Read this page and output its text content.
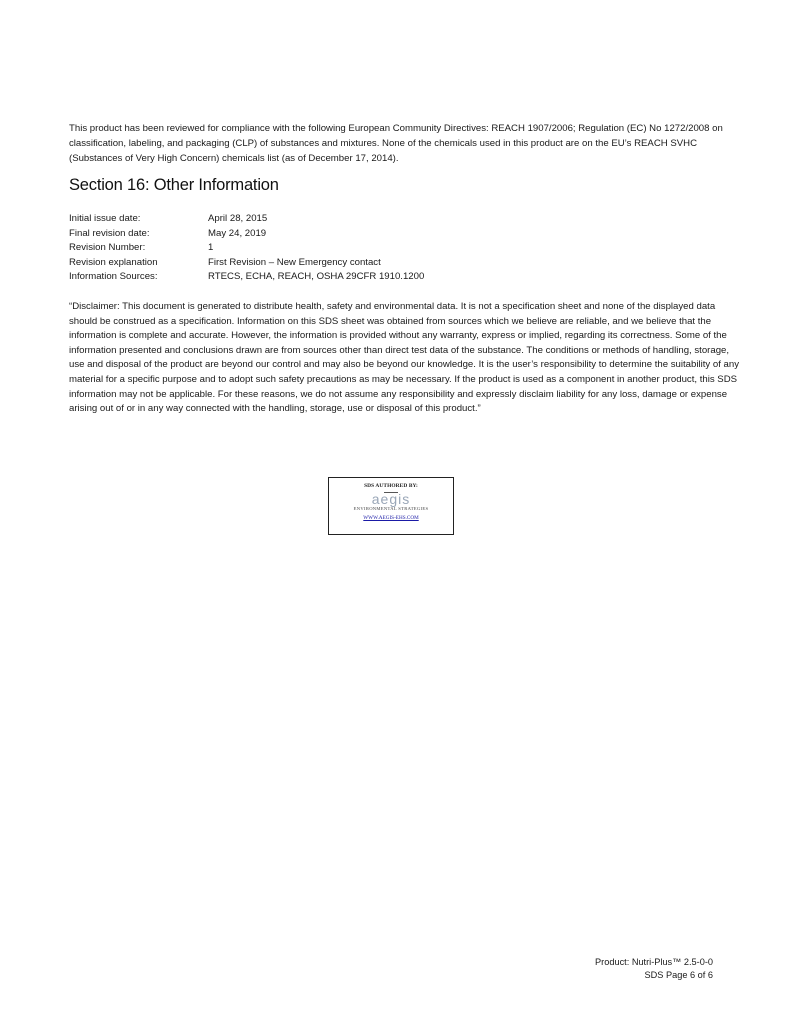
This product has been reviewed for compliance with the following European Community Directives: REACH 1907/2006; Regulation (EC) No 1272/2008 on classification, labeling, and packaging (CLP) of substances and mixtures. None of the chemicals used in this product are on the EU’s REACH SVHC (Substances of Very High Concern) chemicals list (as of December 17, 2014).

Section 16: Other Information
Initial issue date:	April 28, 2015
Final revision date:	May 24, 2019
Revision Number:	1
Revision explanation	First Revision – New Emergency contact
Information Sources:	RTECS, ECHA, REACH, OSHA 29CFR 1910.1200

“Disclaimer: This document is generated to distribute health, safety and environmental data. It is not a specification sheet and none of the displayed data should be construed as a specification. Information on this SDS sheet was obtained from sources which we believe are reliable, and we believe that the information is complete and accurate. However, the information is provided without any warranty, express or implied, regarding its correctness. Some of the information presented and conclusions drawn are from sources other than direct test data of the substance. The conditions or methods of handling, storage, use and disposal of the product are beyond our control and may also be beyond our knowledge. It is the user’s responsibility to determine the suitability of any material for a specific purpose and to adopt such safety precautions as may be necessary. If the product is used as a component in another product, this SDS information may not be applicable. For these reasons, we do not assume any responsibility and expressly disclaim liability for any loss, damage or expense arising out of or in any way connected with the handling, storage, use or disposal of this product.”

SDS AUTHORED BY:
aegis
ENVIRONMENTAL STRATEGIES
WWW.AEGIS-EHS.COM
Product: Nutri-Plus™ 2.5-0-0
SDS Page 6 of 6
